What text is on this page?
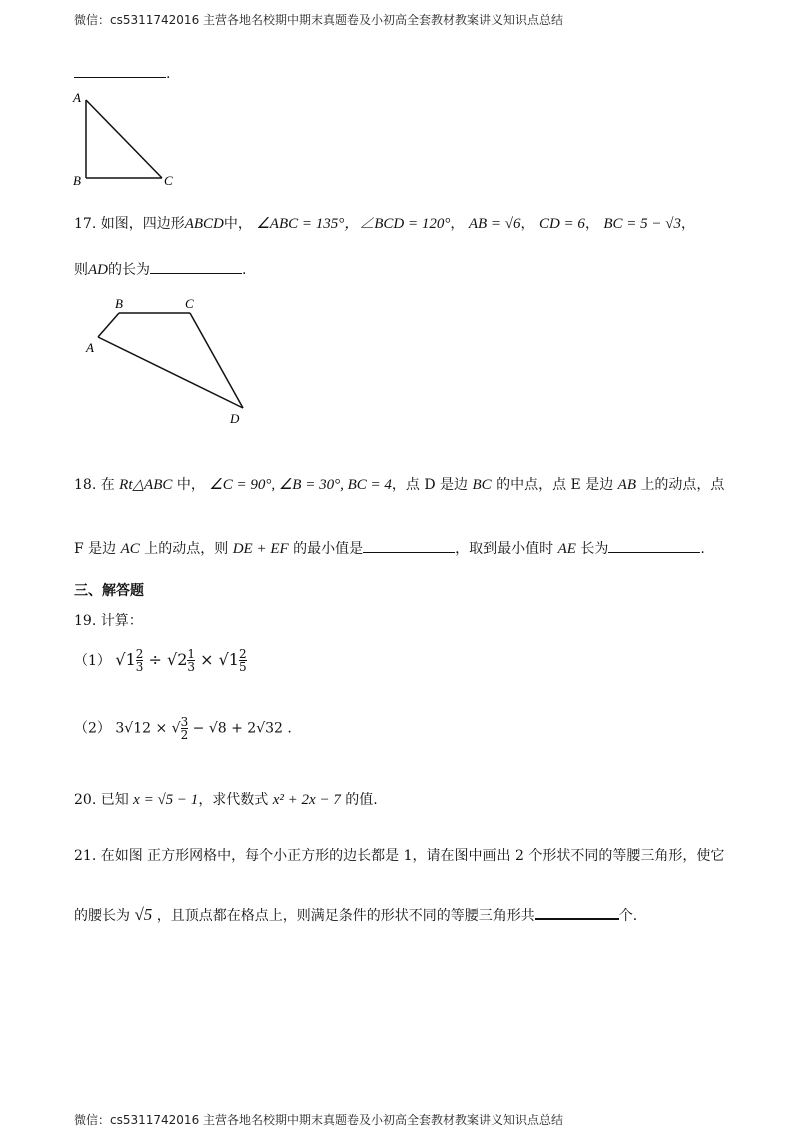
微信：cs5311742016 主营各地名校期中期末真题卷及小初高全套教材教案讲义知识点总结
.
A
B	C
17. 如图，四边形ABCD中， ∠ABC = 135°，∠BCD = 120°， AB = √6， CD = 6， BC = 5 − √3，
则AD的长为	.
B	C
A
D
18. 在 Rt△ABC 中， ∠C = 90°, ∠B = 30°, BC = 4，点 D 是边 BC 的中点，点 E 是边 AB 上的动点，点
F 是边 AC 上的动点，则 DE + EF 的最小值是	，取到最小值时 AE 长为	.
三、解答题
19. 计算：
（1） $√1 \frac{2}{3} \div √2 \frac{1}{3} \times √1 \frac{2}{5}$
（2） 3√12 × √ $\frac{3}{2} - √8 + 2√32$ .
20. 已知 x = √5 − 1，求代数式 x² + 2x − 7 的值.
21. 在如图 正方形网格中，每个小正方形的边长都是 1，请在图中画出 2 个形状不同的等腰三角形，使它
的腰长为 √5 ，且顶点都在格点上，则满足条件的形状不同的等腰三角形共	个.
微信：cs5311742016 主营各地名校期中期末真题卷及小初高全套教材教案讲义知识点总结
